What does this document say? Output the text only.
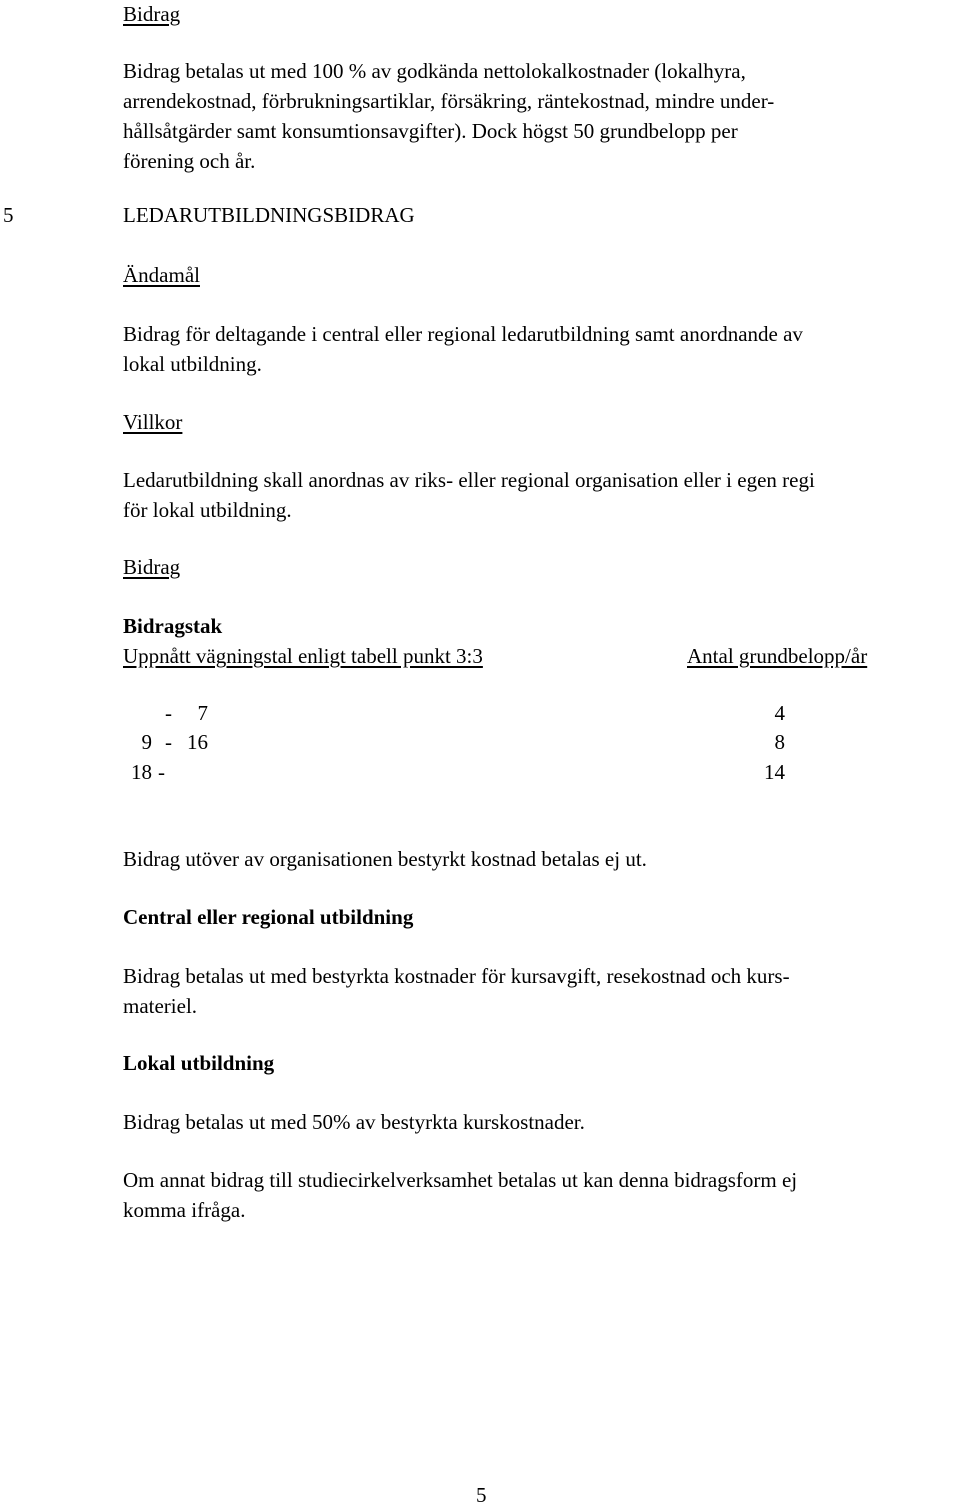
Bidrag

Bidrag betalas ut med 100 % av godkända nettolokalkostnader (lokalhyra,
arrendekostnad, förbrukningsartiklar, försäkring, räntekostnad, mindre under-
hållsåtgärder samt konsumtionsavgifter). Dock högst 50 grundbelopp per
förening och år.

5	LEDARUTBILDNINGSBIDRAG
Ändamål

Bidrag för deltagande i central eller regional ledarutbildning samt anordnande av
lokal utbildning.

Villkor

Ledarutbildning skall anordnas av riks- eller regional organisation eller i egen regi
för lokal utbildning.

Bidrag
Bidragstak
Uppnått vägningstal enligt tabell punkt 3:3	Antal grundbelopp/år
-	7	4
9 - 16	8
18 -	14
Bidrag utöver av organisationen bestyrkt kostnad betalas ej ut.
Central eller regional utbildning

Bidrag betalas ut med bestyrkta kostnader för kursavgift, resekostnad och kurs-
materiel.

Lokal utbildning
Bidrag betalas ut med 50% av bestyrkta kurskostnader.

Om annat bidrag till studiecirkelverksamhet betalas ut kan denna bidragsform ej
komma ifråga.

5
